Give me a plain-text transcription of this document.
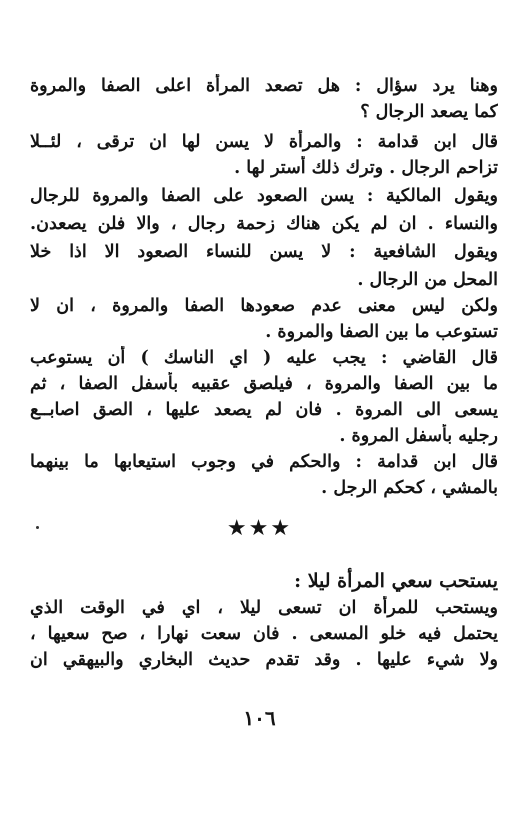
وهنا يرد سؤال : هل تصعد المرأة اعلى الصفا والمروة
كما يصعد الرجال ؟
قال ابن قدامة : والمرأة لا يسن لها ان ترقى ، لئــلا
تزاحم الرجال . وترك ذلك أستر لها .
ويقول المالكية : يسن الصعود على الصفا والمروة للرجال
والنساء . ان لم يكن هناك زحمة رجال ، والا فلن يصعدن.
ويقول الشافعية : لا يسن للنساء الصعود الا اذا خلا
المحل من الرجال .
ولكن ليس معنى عدم صعودها الصفا والمروة ، ان لا
تستوعب ما بين الصفا والمروة .
قال القاضي : يجب عليه ( اي الناسك ) أن يستوعب
ما بين الصفا والمروة ، فيلصق عقبيه بأسفل الصفا ، ثم
يسعى الى المروة . فان لم يصعد عليها ، الصق اصابــع
رجليه بأسفل المروة .
قال ابن قدامة : والحكم في وجوب استيعابها ما بينهما
بالمشي ، كحكم الرجل .
★★★
يستحب سعي المرأة ليلا :
ويستحب للمرأة ان تسعى ليلا ، اي في الوقت الذي
يحتمل فيه خلو المسعى . فان سعت نهارا ، صح سعيها ،
ولا شيء عليها . وقد تقدم حديث البخاري والبيهقي ان
١٠٦
